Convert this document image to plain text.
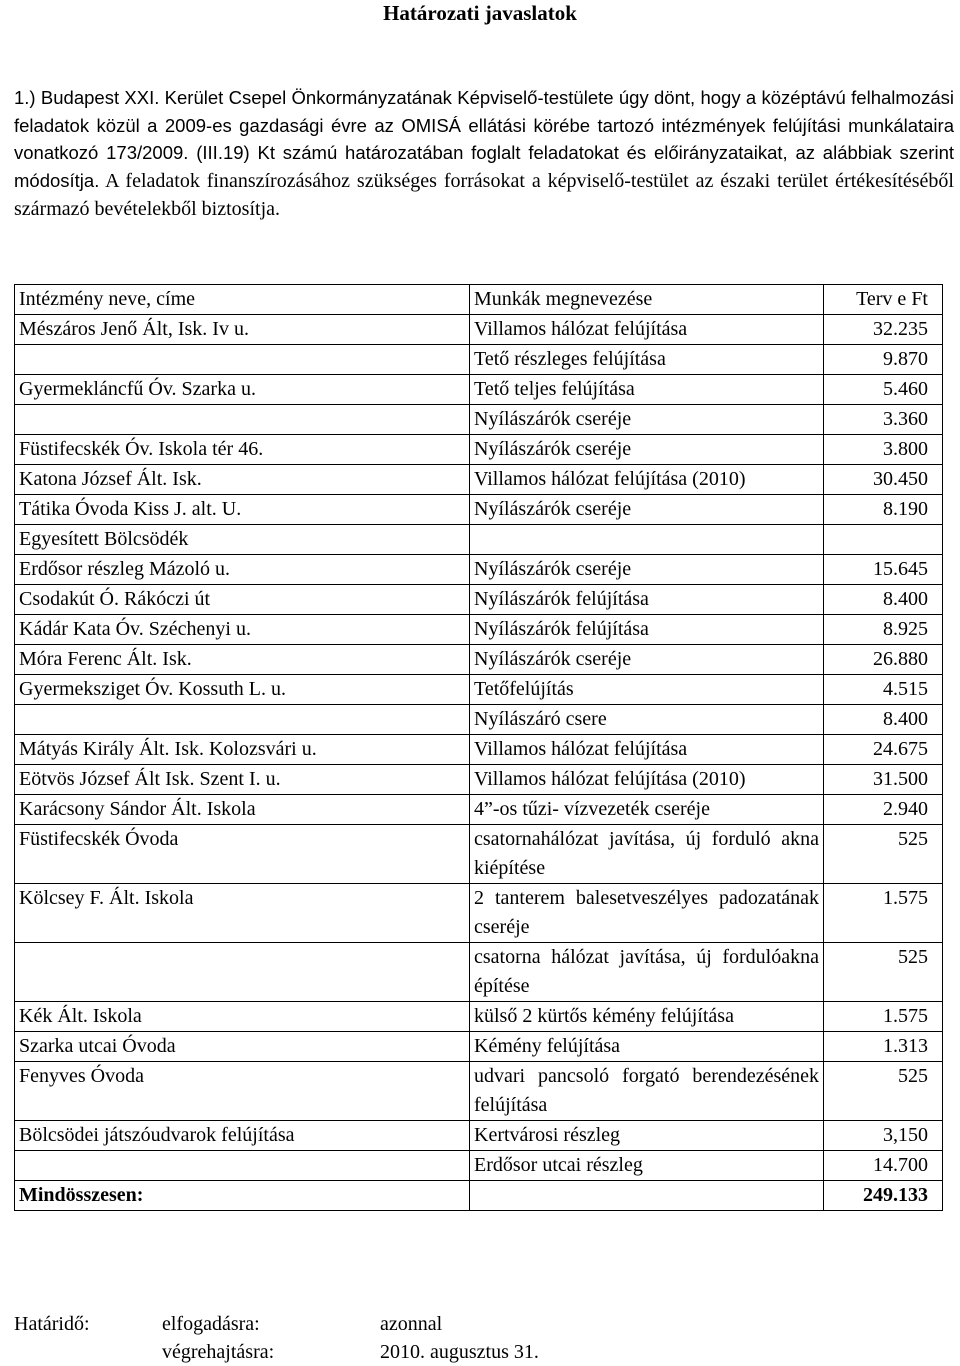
Határozati javaslatok

1.) Budapest XXI. Kerület Csepel Önkormányzatának Képviselő-testülete úgy dönt, hogy a középtávú felhalmozási feladatok közül a 2009-es gazdasági évre az OMISÁ ellátási körébe tartozó intézmények felújítási munkálataira vonatkozó 173/2009. (III.19) Kt számú határozatában foglalt feladatokat és előirányzataikat, az alábbiak szerint módosítja. A feladatok finanszírozásához szükséges forrásokat a képviselő-testület az északi terület értékesítéséből származó bevételekből biztosítja.

Intézmény neve, címe	Munkák megnevezése	Terv e Ft
Mészáros Jenő Ált, Isk. Iv u.	Villamos hálózat felújítása	32.235
	Tető részleges felújítása	9.870
Gyermekláncfű Óv. Szarka u.	Tető teljes felújítása	5.460
	Nyílászárók cseréje	3.360
Füstifecskék Óv. Iskola tér 46.	Nyílászárók cseréje	3.800
Katona József Ált. Isk.	Villamos hálózat felújítása (2010)	30.450
Tátika Óvoda Kiss J. alt. U.	Nyílászárók cseréje	8.190
Egyesített Bölcsödék		
Erdősor részleg Mázoló u.	Nyílászárók cseréje	15.645
Csodakút Ó. Rákóczi út	Nyílászárók felújítása	8.400
Kádár Kata Óv. Széchenyi u.	Nyílászárók felújítása	8.925
Móra Ferenc Ált. Isk.	Nyílászárók cseréje	26.880
Gyermeksziget Óv. Kossuth L. u.	Tetőfelújítás	4.515
	Nyílászáró csere	8.400
Mátyás Király Ált. Isk. Kolozsvári u.	Villamos hálózat felújítása	24.675
Eötvös József Ált Isk. Szent I. u.	Villamos hálózat felújítása (2010)	31.500
Karácsony Sándor Ált. Iskola	4”-os tűzi- vízvezeték cseréje	2.940
Füstifecskék Óvoda	csatornahálózat javítása, új forduló akna kiépítése	525
Kölcsey F. Ált. Iskola	2 tanterem balesetveszélyes padozatának cseréje	1.575
	csatorna hálózat javítása, új fordulóakna építése	525
Kék Ált. Iskola	külső 2 kürtős kémény felújítása	1.575
Szarka utcai Óvoda	Kémény felújítása	1.313
Fenyves Óvoda	udvari pancsoló forgató berendezésének felújítása	525
Bölcsödei játszóudvarok felújítása	Kertvárosi részleg	3,150
	Erdősor utcai részleg	14.700
Mindösszesen:		249.133
Határidő:	elfogadásra:	azonnal
végrehajtásra:	2010. augusztus 31.
